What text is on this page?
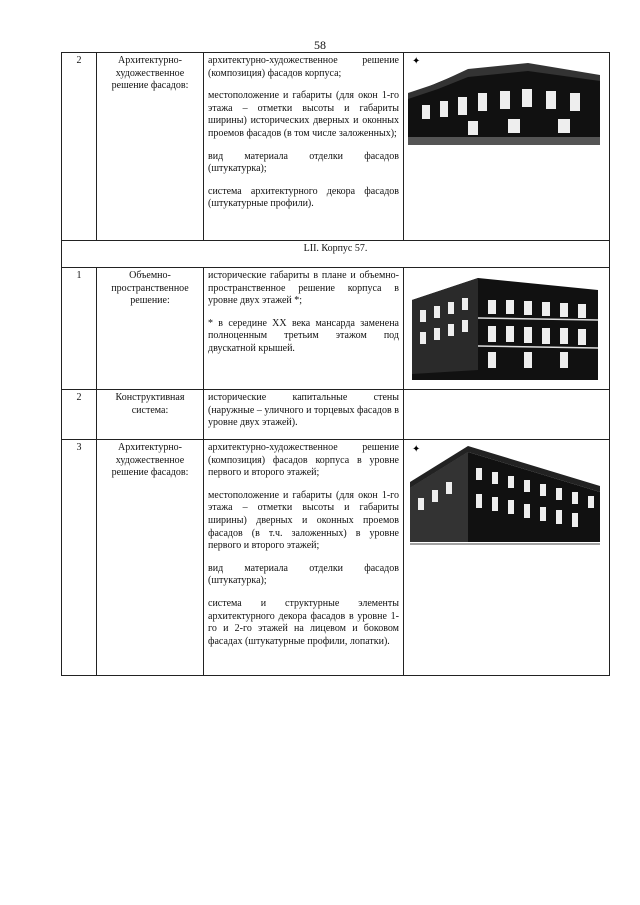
58
2	Архитектурно-художественное решение фасадов:	архитектурно-художественное решение (композиция) фасадов корпуса;

местоположение и габариты (для окон 1-го этажа – отметки высоты и габариты ширины) исторических дверных и оконных проемов фасадов (в том числе заложенных);

вид материала отделки фасадов (штукатурка);

система архитектурного декора фасадов (штукатурные профили).	✦

LII. Корпус 57.			
1	Объемно-пространственное решение:	исторические габариты в плане и объемно-пространственное решение корпуса в уровне двух этажей *;

* в середине XX века мансарда заменена полноценным третьим этажом под двускатной крышей.

2	Конструктивная система:	исторические капитальные стены (наружные – уличного и торцевых фасадов в уровне двух этажей).	

3	Архитектурно-художественное решение фасадов:	архитектурно-художественное решение (композиция) фасадов корпуса в уровне первого и второго этажей;

местоположение и габариты (для окон 1-го этажа – отметки высоты и габариты ширины) дверных и оконных проемов фасадов (в т.ч. заложенных) в уровне первого и второго этажей;

вид материала отделки фасадов (штукатурка);

система и структурные элементы архитектурного декора фасадов в уровне 1-го и 2-го этажей на лицевом и боковом фасадах (штукатурные профили, лопатки).	✦
